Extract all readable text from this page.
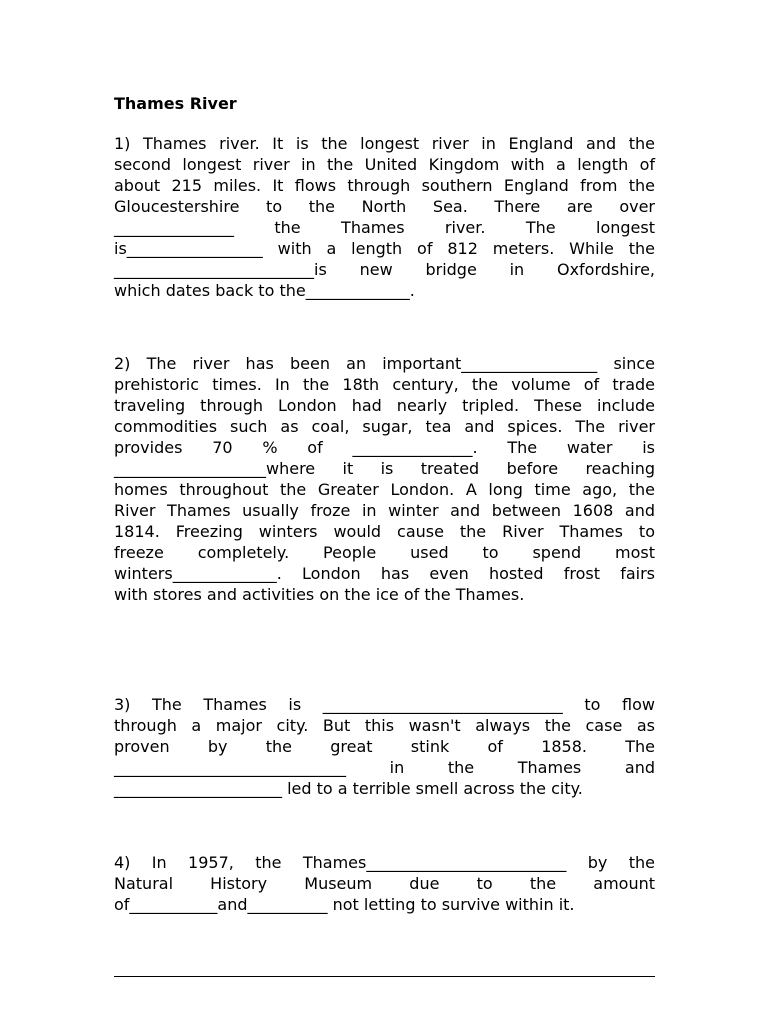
Thames River
1) Thames river. It is the longest river in England and the
second longest river in the United Kingdom with a length of
about 215 miles. It flows through southern England from the
Gloucestershire to the North Sea. There are over
_______________ the Thames river. The longest
is_________________ with a length of 812 meters. While the
_________________________is new bridge in Oxfordshire,
which dates back to the_____________.
2) The river has been an important_________________ since
prehistoric times. In the 18th century, the volume of trade
traveling through London had nearly tripled. These include
commodities such as coal, sugar, tea and spices. The river
provides 70 % of _______________. The water is
___________________where it is treated before reaching
homes throughout the Greater London. A long time ago, the
River Thames usually froze in winter and between 1608 and
1814. Freezing winters would cause the River Thames to
freeze completely. People used to spend most
winters_____________. London has even hosted frost fairs
with stores and activities on the ice of the Thames.
3) The Thames is ______________________________ to flow
through a major city. But this wasn't always the case as
proven by the great stink of 1858. The
_____________________________ in the Thames and
_____________________ led to a terrible smell across the city.
4) In 1957, the Thames_________________________ by the
Natural History Museum due to the amount
of___________and__________ not letting to survive within it.
